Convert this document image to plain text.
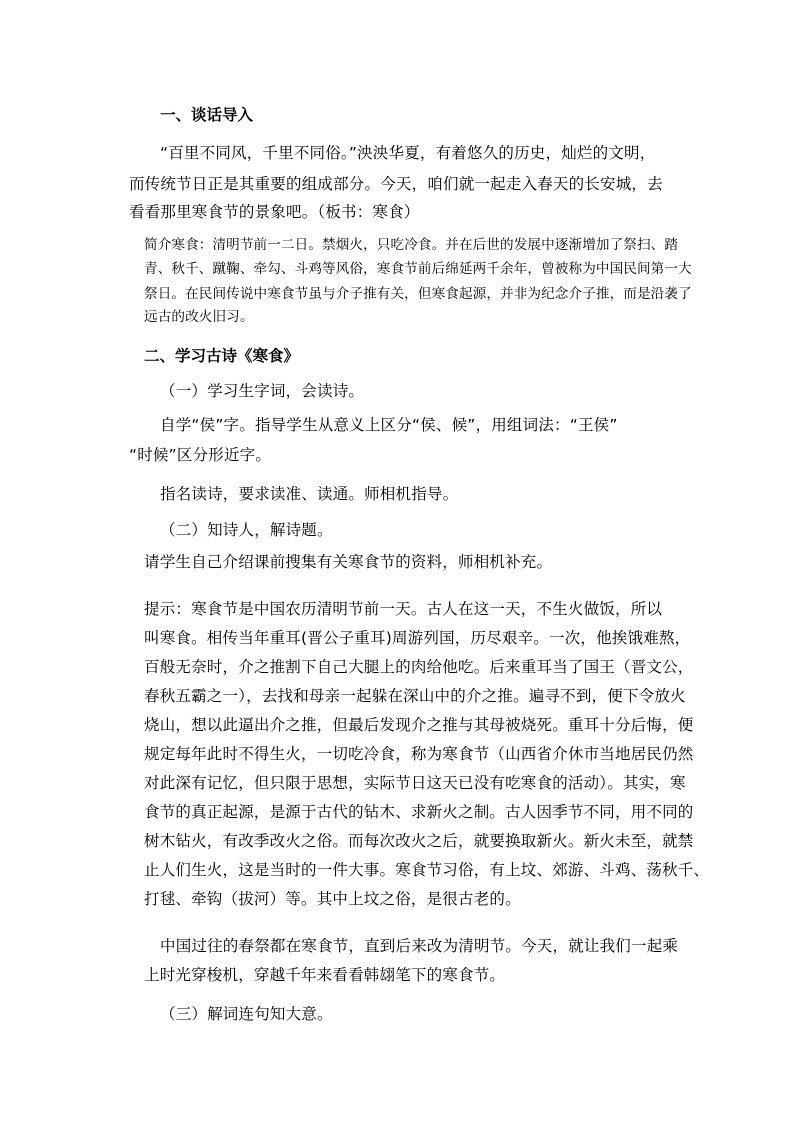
一、谈话导入

“百里不同风，千里不同俗。”泱泱华夏，有着悠久的历史，灿烂的文明，

而传统节日正是其重要的组成部分。今天，咱们就一起走入春天的长安城，去

看看那里寒食节的景象吧。（板书：寒食）

简介寒食：清明节前一二日。禁烟火，只吃冷食。并在后世的发展中逐渐增加了祭扫、踏

青、秋千、蹴鞠、牵勾、斗鸡等风俗，寒食节前后绵延两千余年，曾被称为中国民间第一大

祭日。在民间传说中寒食节虽与介子推有关，但寒食起源，并非为纪念介子推，而是沿袭了

远古的改火旧习。

二、学习古诗《寒食》

（一）学习生字词，会读诗。

自学“侯”字。指导学生从意义上区分“侯、候”，用组词法：“王侯”

“时候”区分形近字。

指名读诗，要求读准、读通。师相机指导。

（二）知诗人，解诗题。

请学生自己介绍课前搜集有关寒食节的资料，师相机补充。

提示：寒食节是中国农历清明节前一天。古人在这一天，不生火做饭，所以

叫寒食。相传当年重耳(晋公子重耳)周游列国，历尽艰辛。一次，他挨饿难熬，

百般无奈时，介之推割下自己大腿上的肉给他吃。后来重耳当了国王（晋文公，

春秋五霸之一），去找和母亲一起躲在深山中的介之推。遍寻不到，便下令放火

烧山，想以此逼出介之推，但最后发现介之推与其母被烧死。重耳十分后悔，便

规定每年此时不得生火，一切吃冷食，称为寒食节（山西省介休市当地居民仍然

对此深有记忆，但只限于思想，实际节日这天已没有吃寒食的活动）。其实，寒

食节的真正起源，是源于古代的钻木、求新火之制。古人因季节不同，用不同的

树木钻火，有改季改火之俗。而每次改火之后，就要换取新火。新火未至，就禁

止人们生火，这是当时的一件大事。寒食节习俗，有上坟、郊游、斗鸡、荡秋千、

打毬、牵钩（拔河）等。其中上坟之俗，是很古老的。

中国过往的春祭都在寒食节，直到后来改为清明节。今天，就让我们一起乘

上时光穿梭机，穿越千年来看看韩翃笔下的寒食节。

（三）解词连句知大意。
